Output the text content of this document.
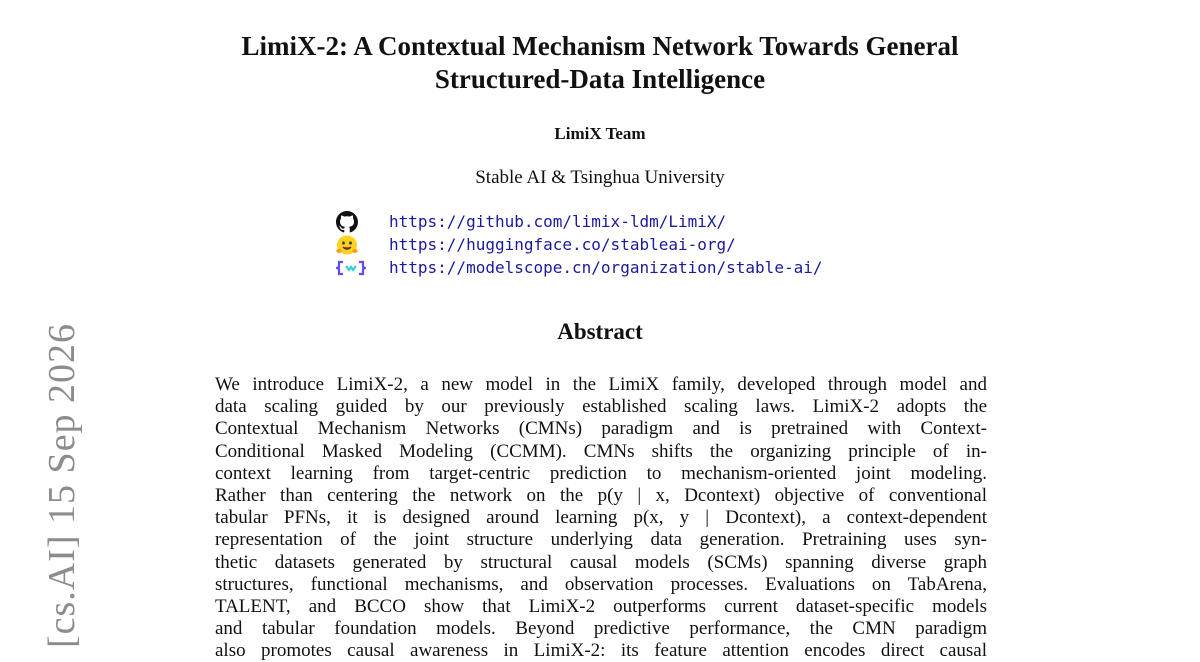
LimiX-2: A Contextual Mechanism Network Towards General
Structured-Data Intelligence
LimiX Team
Stable AI & Tsinghua University
https://github.com/limix-ldm/LimiX/
https://huggingface.co/stableai-org/
https://modelscope.cn/organization/stable-ai/
Abstract
We introduce LimiX-2, a new model in the LimiX family, developed through model and
data scaling guided by our previously established scaling laws. LimiX-2 adopts the
Contextual Mechanism Networks (CMNs) paradigm and is pretrained with Context-
Conditional Masked Modeling (CCMM). CMNs shifts the organizing principle of in-
context learning from target-centric prediction to mechanism-oriented joint modeling.
Rather than centering the network on the p(y | x, Dcontext) objective of conventional
tabular PFNs, it is designed around learning p(x, y | Dcontext), a context-dependent
representation of the joint structure underlying data generation. Pretraining uses syn-
thetic datasets generated by structural causal models (SCMs) spanning diverse graph
structures, functional mechanisms, and observation processes. Evaluations on TabArena,
TALENT, and BCCO show that LimiX-2 outperforms current dataset-specific models
and tabular foundation models. Beyond predictive performance, the CMN paradigm
also promotes causal awareness in LimiX-2: its feature attention encodes direct causal
[cs.AI] 15 Sep 2026
